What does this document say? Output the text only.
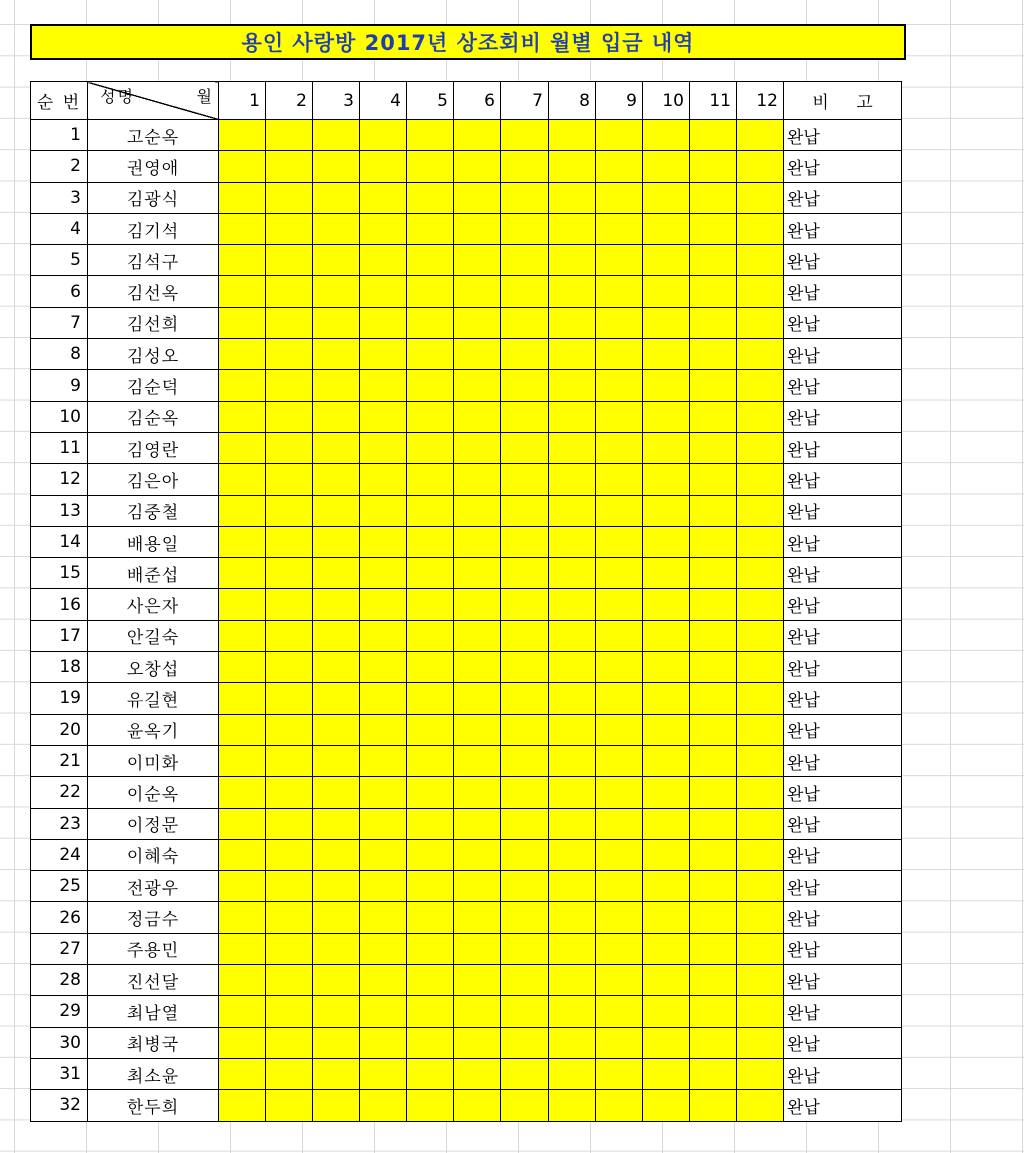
용인 사랑방 2017년 상조회비 월별 입금 내역
순 번	성명 월	1	2	3	4	5	6	7	8	9	10	11	12	비 고
1	고순옥													완납
2	권영애													완납
3	김광식													완납
4	김기석													완납
5	김석구													완납
6	김선옥													완납
7	김선희													완납
8	김성오													완납
9	김순덕													완납
10	김순옥													완납
11	김영란													완납
12	김은아													완납
13	김중철													완납
14	배용일													완납
15	배준섭													완납
16	사은자													완납
17	안길숙													완납
18	오창섭													완납
19	유길현													완납
20	윤옥기													완납
21	이미화													완납
22	이순옥													완납
23	이정문													완납
24	이혜숙													완납
25	전광우													완납
26	정금수													완납
27	주용민													완납
28	진선달													완납
29	최남열													완납
30	최병국													완납
31	최소윤													완납
32	한두희													완납
